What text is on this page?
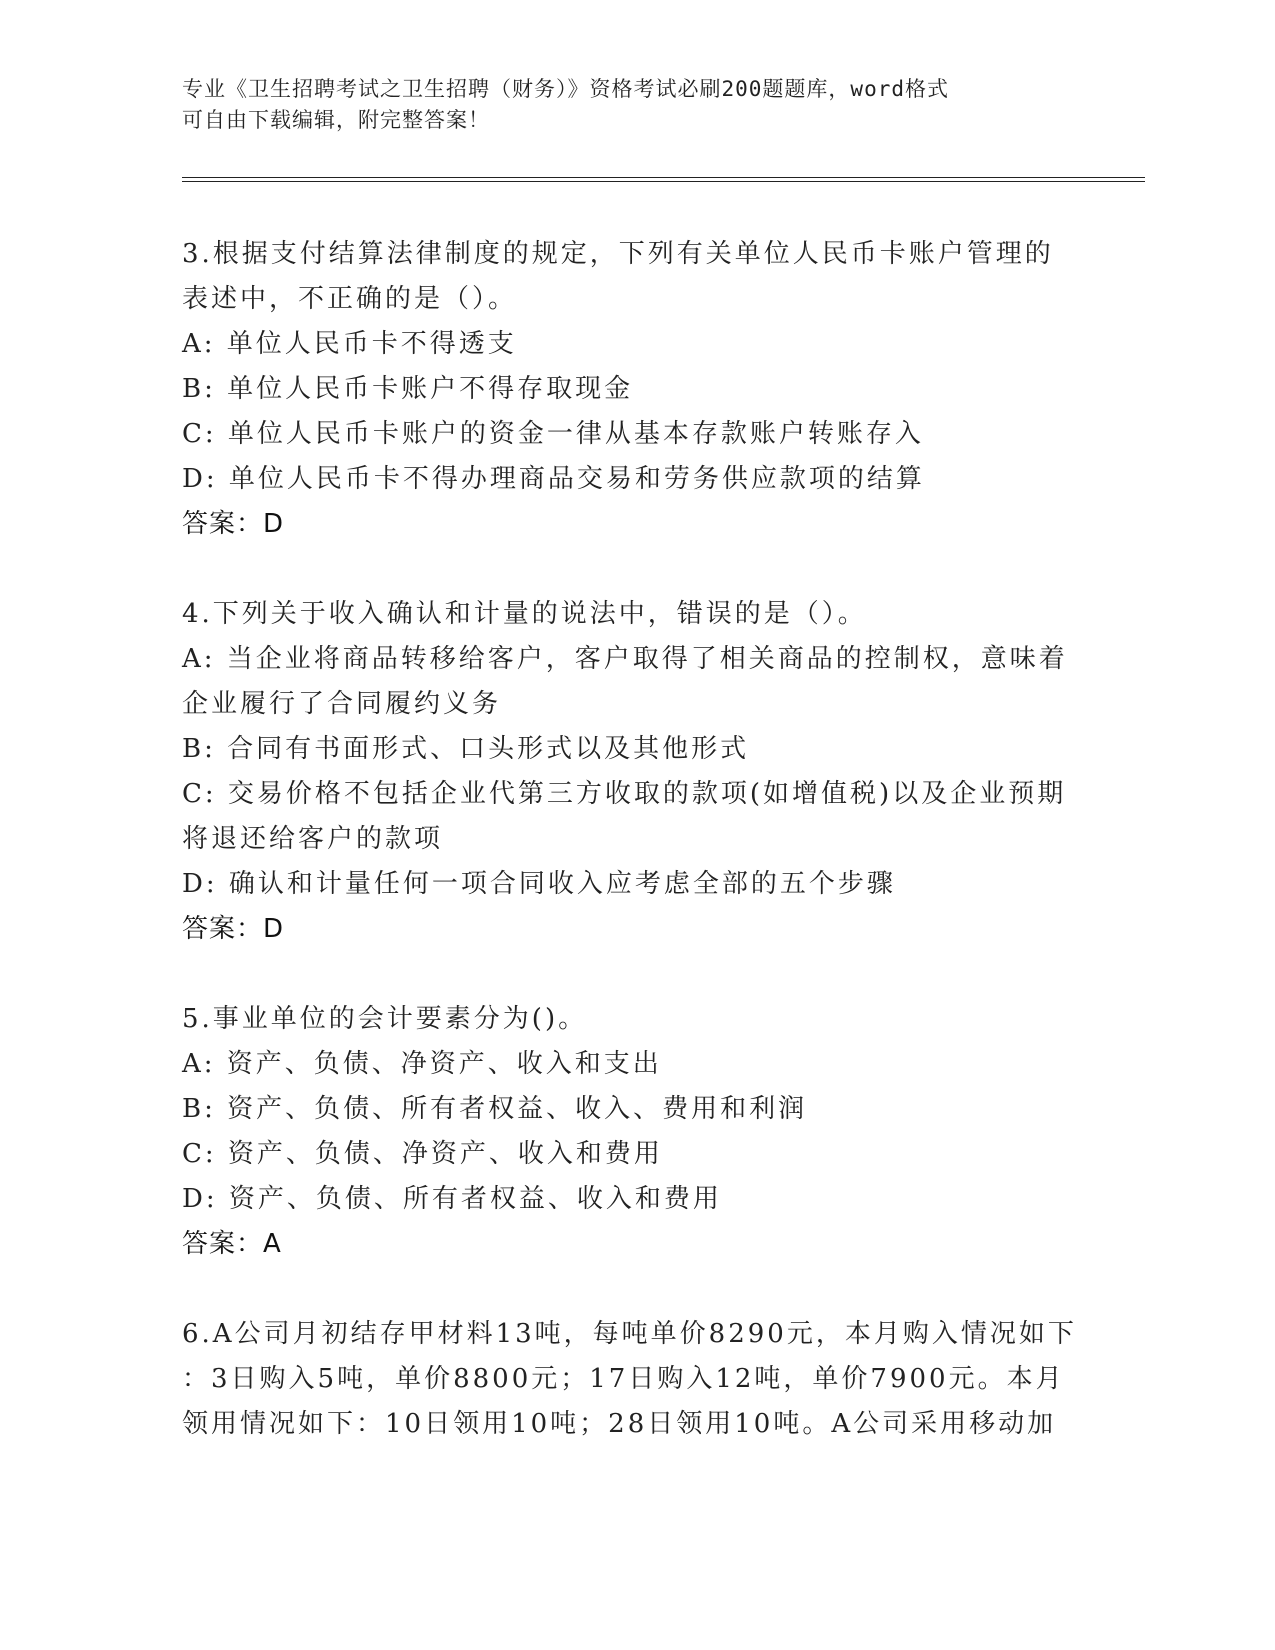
专业《卫生招聘考试之卫生招聘（财务）》资格考试必刷200题题库，word格式

可自由下载编辑，附完整答案！

3.根据支付结算法律制度的规定，下列有关单位人民币卡账户管理的

表述中，不正确的是（）。

A: 单位人民币卡不得透支

B: 单位人民币卡账户不得存取现金

C: 单位人民币卡账户的资金一律从基本存款账户转账存入

D: 单位人民币卡不得办理商品交易和劳务供应款项的结算

答案：D

4.下列关于收入确认和计量的说法中，错误的是（）。

A: 当企业将商品转移给客户，客户取得了相关商品的控制权，意味着

企业履行了合同履约义务

B: 合同有书面形式、口头形式以及其他形式

C: 交易价格不包括企业代第三方收取的款项(如增值税)以及企业预期

将退还给客户的款项

D: 确认和计量任何一项合同收入应考虑全部的五个步骤

答案：D

5.事业单位的会计要素分为()。

A: 资产、负债、净资产、收入和支出

B: 资产、负债、所有者权益、收入、费用和利润

C: 资产、负债、净资产、收入和费用

D: 资产、负债、所有者权益、收入和费用

答案：A

6.A公司月初结存甲材料13吨，每吨单价8290元，本月购入情况如下

：3日购入5吨，单价8800元；17日购入12吨，单价7900元。本月

领用情况如下：10日领用10吨；28日领用10吨。A公司采用移动加
